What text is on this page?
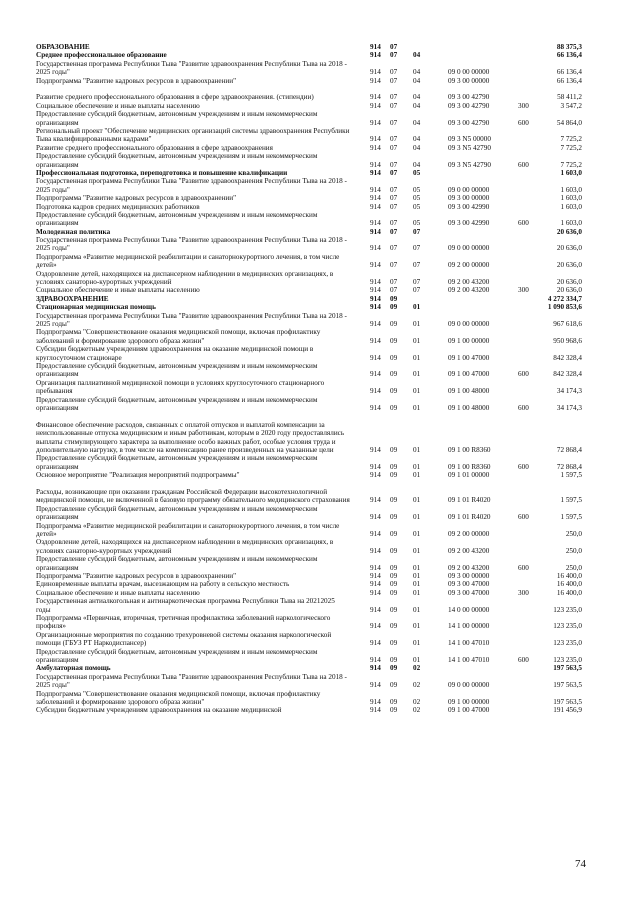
ОБРАЗОВАНИЕ	914 07	88 375,3
Среднее профессиональное образование	914 07 04	66 136,4
Государственная программа Республики Тыва "Развитие здравоохранения Республики Тыва на 2018 - 2025 годы"	914 07 04	09 0 00 00000	66 136,4
Подпрограмма "Развитие кадровых ресурсов в здравоохранении"	914 07 04	09 3 00 00000	66 136,4
Развитие среднего профессионального образования в сфере здравоохранения. (стипендии)	914 07 04	09 3 00 42790	58 411,2
Социальное обеспечение и иные выплаты населению	914 07 04	09 3 00 42790	300	3 547,2
Предоставление субсидий бюджетным, автономным учреждениям и иным некоммерческим организациям	914 07 04	09 3 00 42790	600	54 864,0
Региональный проект "Обеспечение медицинских организаций системы здравоохранения Республики Тыва квалифицированными кадрами"	914 07 04	09 3 N5 00000	7 725,2
Развитие среднего профессионального образования в сфере здравоохранения	914 07 04	09 3 N5 42790	7 725,2
Предоставление субсидий бюджетным, автономным учреждениям и иным некоммерческим организациям	914 07 04	09 3 N5 42790	600	7 725,2
Профессиональная подготовка, переподготовка и повышение квалификации	914 07 05	1 603,0
Государственная программа Республики Тыва "Развитие здравоохранения Республики Тыва на 2018 - 2025 годы"	914 07 05	09 0 00 00000	1 603,0
Подпрограмма "Развитие кадровых ресурсов в здравоохранении"	914 07 05	09 3 00 00000	1 603,0
Подготовка кадров средних медицинских работников	914 07 05	09 3 00 42990	1 603,0
Предоставление субсидий бюджетным, автономным учреждениям и иным некоммерческим организациям	914 07 05	09 3 00 42990	600	1 603,0
Молодежная политика	914 07 07	20 636,0
Государственная программа Республики Тыва "Развитие здравоохранения Республики Тыва на 2018 - 2025 годы"	914 07 07	09 0 00 00000	20 636,0
Подпрограмма «Развитие медицинской реабилитации и санаторнокурортного лечения, в том числе детей»	914 07 07	09 2 00 00000	20 636,0
Оздоровление детей, находящихся на диспансерном наблюдении в медицинских организациях, в условиях санаторно-курортных учреждений	914 07 07	09 2 00 43200	20 636,0
Социальное обеспечение и иные выплаты населению	914 07 07	09 2 00 43200	300	20 636,0
ЗДРАВООХРАНЕНИЕ	914 09	4 272 334,7
Стационарная медицинская помощь	914 09 01	1 090 853,6
Государственная программа Республики Тыва "Развитие здравоохранения Республики Тыва на 2018 - 2025 годы"	914 09 01	09 0 00 00000	967 618,6
Подпрограмма "Совершенствование оказания медицинской помощи, включая профилактику заболеваний и формирование здорового образа жизни"	914 09 01	09 1 00 00000	950 968,6
Субсидии бюджетным учреждениям здравоохранения на оказание медицинской помощи в круглосуточном стационаре	914 09 01	09 1 00 47000	842 328,4
Предоставление субсидий бюджетным, автономным учреждениям и иным некоммерческим организациям	914 09 01	09 1 00 47000	600	842 328,4
Организация паллиативной медицинской помощи в условиях круглосуточного стационарного пребывания	914 09 01	09 1 00 48000	34 174,3
Предоставление субсидий бюджетным, автономным учреждениям и иным некоммерческим организациям	914 09 01	09 1 00 48000	600	34 174,3
Финансовое обеспечение расходов, связанных с оплатой отпусков и выплатой компенсации за неиспользованные отпуска медицинским и иным работникам, которым в 2020 году предоставлялись выплаты стимулирующего характера за выполнение особо важных работ, особые условия труда и дополнительную нагрузку, в том числе на компенсацию ранее произведенных на указанные цели	914 09 01	09 1 00 R8360	72 868,4
Предоставление субсидий бюджетным, автономным учреждениям и иным некоммерческим организациям	914 09 01	09 1 00 R8360	600	72 868,4
Основное мероприятие "Реализация мероприятий подпрограммы"	914 09 01	09 1 01 00000	1 597,5
Расходы, возникающие при оказании гражданам Российской Федерации высокотехнологичной медицинской помощи, не включенной в базовую программу обязательного медицинского страхования	914 09 01	09 1 01 R4020	1 597,5
Предоставление субсидий бюджетным, автономным учреждениям и иным некоммерческим организациям	914 09 01	09 1 01 R4020	600	1 597,5
Подпрограмма «Развитие медицинской реабилитации и санаторнокурортного лечения, в том числе детей»	914 09 01	09 2 00 00000	250,0
Оздоровление детей, находящихся на диспансерном наблюдении в медицинских организациях, в условиях санаторно-курортных учреждений	914 09 01	09 2 00 43200	250,0
Предоставление субсидий бюджетным, автономным учреждениям и иным некоммерческим организациям	914 09 01	09 2 00 43200	600	250,0
Подпрограмма "Развитие кадровых ресурсов в здравоохранении"	914 09 01	09 3 00 00000	16 400,0
Единовременные выплаты врачам, высезжающим на работу в сельскую местность	914 09 01	09 3 00 47000	16 400,0
Социальное обеспечение и иные выплаты населению	914 09 01	09 3 00 47000	300	16 400,0
Государственная антиалкогольная и антинаркотическая программа Республики Тыва на 20212025 годы	914 09 01	14 0 00 00000	123 235,0
Подпрограмма «Первичная, вторичная, третичная профилактика заболеваний наркологического профиля»	914 09 01	14 1 00 00000	123 235,0
Организационные мероприятия по созданию трехуровневой системы оказания наркологической помощи (ГБУЗ РТ Наркодиспансер)	914 09 01	14 1 00 47010	123 235,0
Предоставление субсидий бюджетным, автономным учреждениям и иным некоммерческим организациям	914 09 01	14 1 00 47010	600	123 235,0
Амбулаторная помощь	914 09 02	197 563,5
Государственная программа Республики Тыва "Развитие здравоохранения Республики Тыва на 2018 - 2025 годы"	914 09 02	09 0 00 00000	197 563,5
Подпрограмма "Совершенствование оказания медицинской помощи, включая профилактику заболеваний и формирование здорового образа жизни"	914 09 02	09 1 00 00000	197 563,5
Субсидии бюджетным учреждениям здравоохранения на оказание медицинской	914 09 02	09 1 00 47000	191 456,9
74
